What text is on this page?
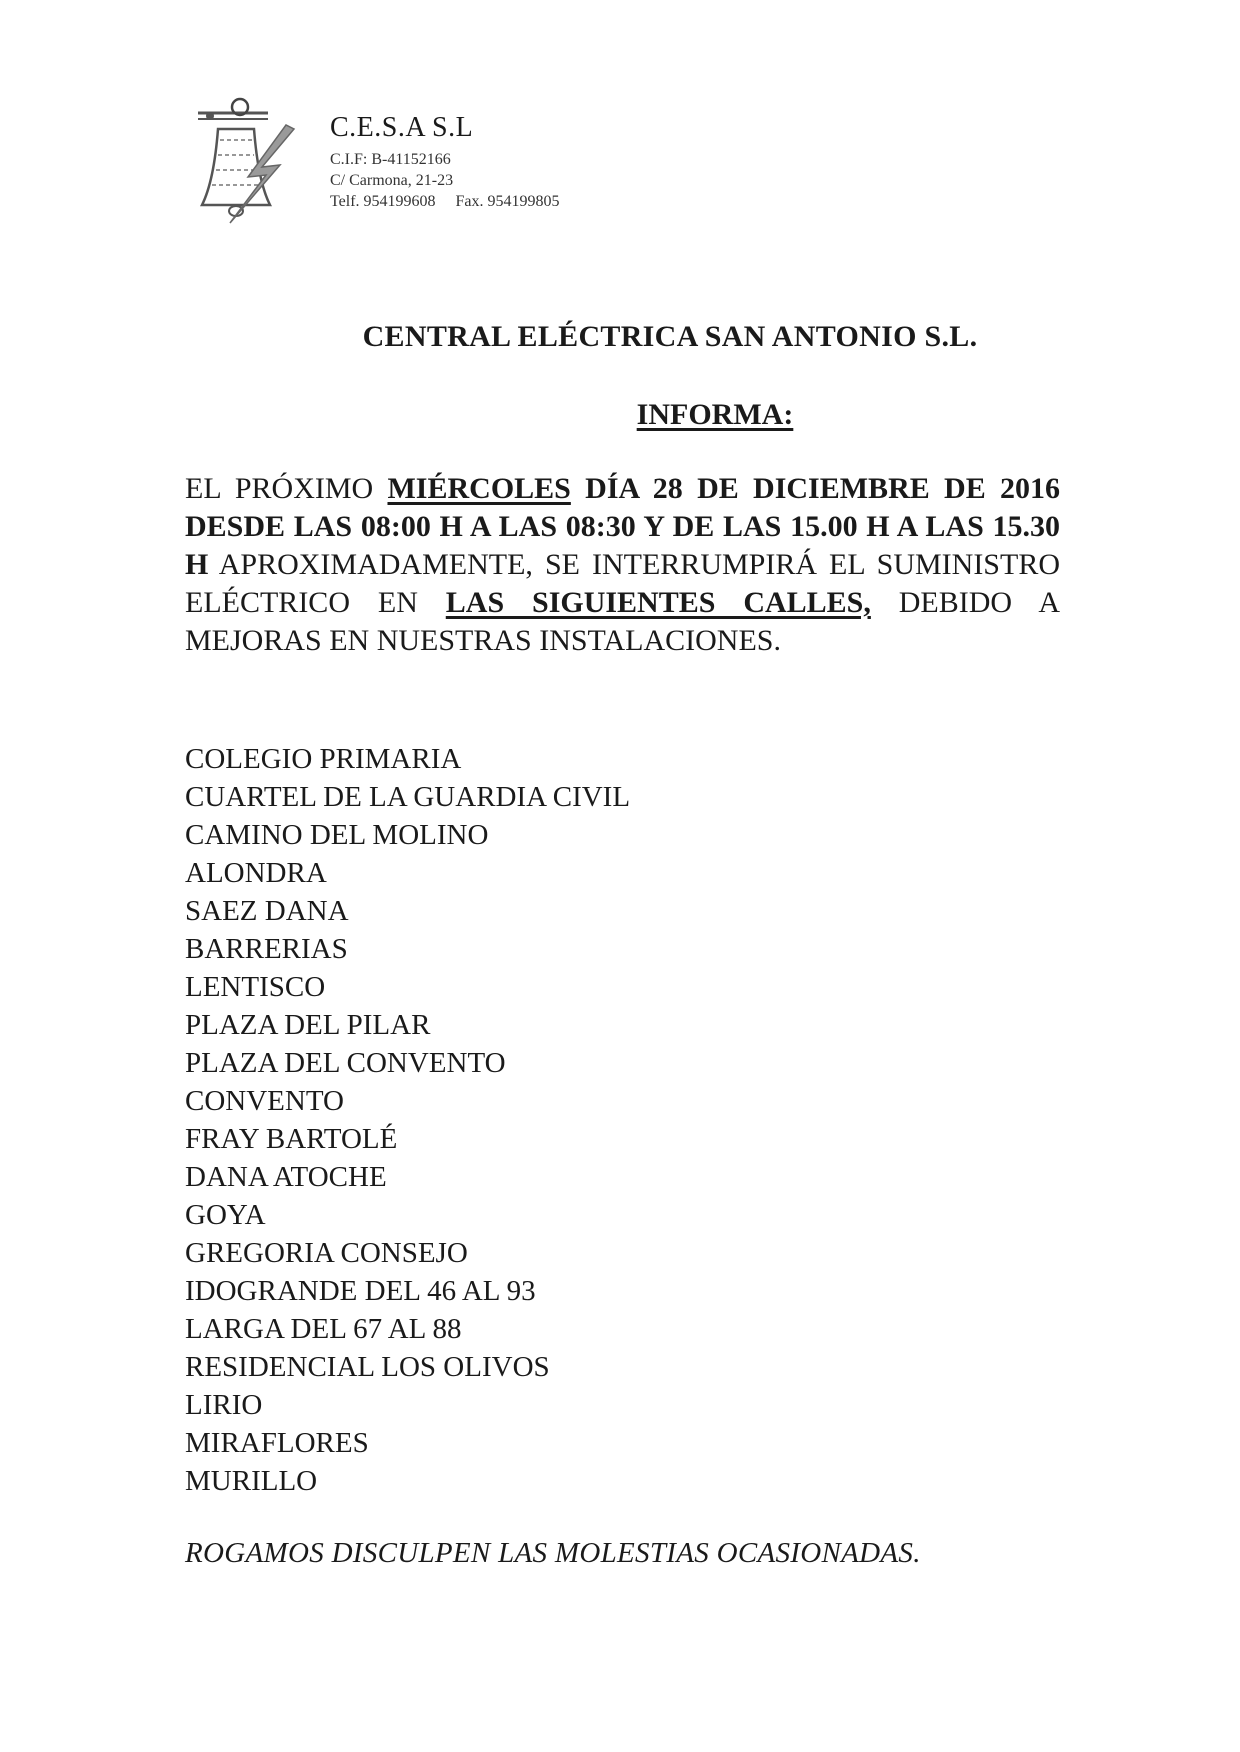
C.E.S.A S.L

C.I.F: B-41152166

C/ Carmona, 21-23

Telf. 954199608 Fax. 954199805

CENTRAL ELÉCTRICA SAN ANTONIO S.L.
INFORMA:

EL PRÓXIMO MIÉRCOLES DÍA 28 DE DICIEMBRE DE 2016 DESDE LAS 08:00 H A LAS 08:30 Y DE LAS 15.00 H A LAS 15.30 H APROXIMADAMENTE, SE INTERRUMPIRÁ EL SUMINISTRO ELÉCTRICO EN LAS SIGUIENTES CALLES, DEBIDO A MEJORAS EN NUESTRAS INSTALACIONES.

COLEGIO PRIMARIA
CUARTEL DE LA GUARDIA CIVIL
CAMINO DEL MOLINO
ALONDRA
SAEZ DANA
BARRERIAS
LENTISCO
PLAZA DEL PILAR
PLAZA DEL CONVENTO
CONVENTO
FRAY BARTOLÉ
DANA ATOCHE
GOYA
GREGORIA CONSEJO
IDOGRANDE DEL 46 AL 93
LARGA DEL 67 AL 88
RESIDENCIAL LOS OLIVOS
LIRIO
MIRAFLORES
MURILLO

ROGAMOS DISCULPEN LAS MOLESTIAS OCASIONADAS.
